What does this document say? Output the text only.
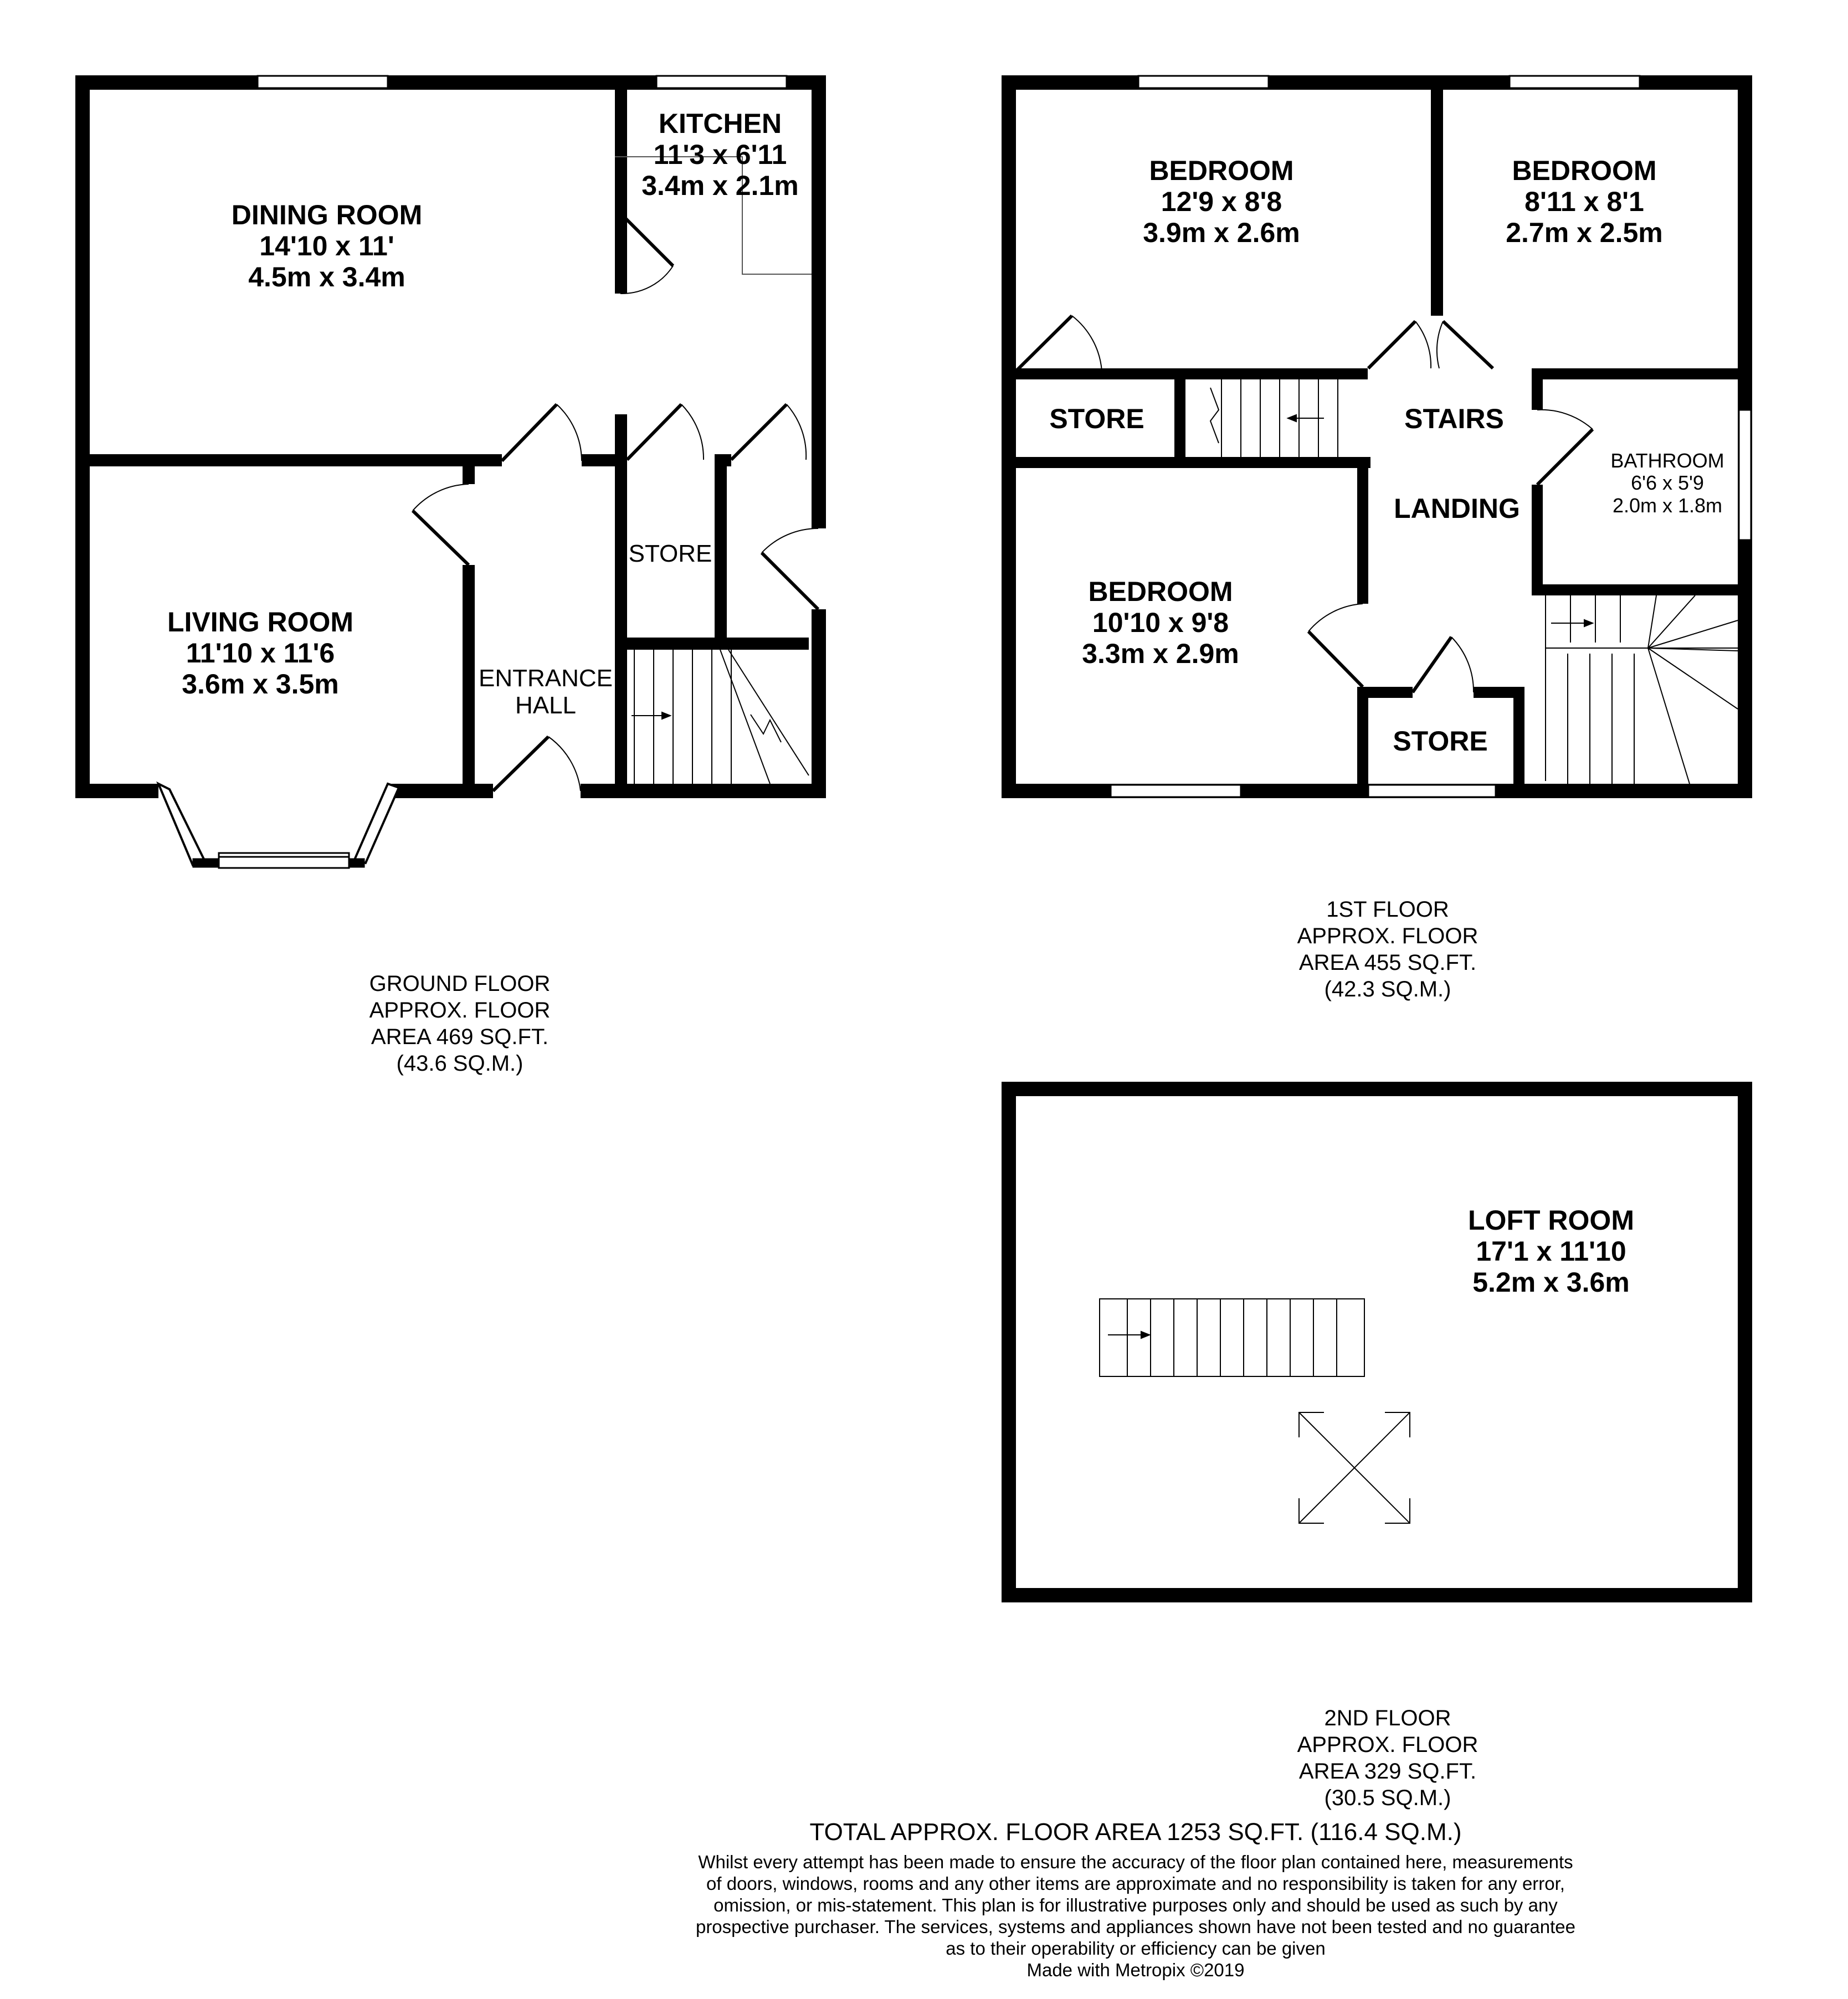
DINING ROOM
14'10 x 11'
4.5m x 3.4m
KITCHEN
11'3 x 6'11
3.4m x 2.1m
LIVING ROOM
11'10 x 11'6
3.6m x 3.5m
STORE
ENTRANCE
HALL
GROUND FLOOR
APPROX. FLOOR
AREA 469 SQ.FT.
(43.6 SQ.M.)
BEDROOM
12'9 x 8'8
3.9m x 2.6m
BEDROOM
8'11 x 8'1
2.7m x 2.5m
BEDROOM
10'10 x 9'8
3.3m x 2.9m
STORE
STORE
STAIRS
LANDING
BATHROOM
6'6 x 5'9
2.0m x 1.8m
1ST FLOOR
APPROX. FLOOR
AREA 455 SQ.FT.
(42.3 SQ.M.)
LOFT ROOM
17'1 x 11'10
5.2m x 3.6m
2ND FLOOR
APPROX. FLOOR
AREA 329 SQ.FT.
(30.5 SQ.M.)
TOTAL APPROX. FLOOR AREA 1253 SQ.FT. (116.4 SQ.M.)
Whilst every attempt has been made to ensure the accuracy of the floor plan contained here, measurements
of doors, windows, rooms and any other items are approximate and no responsibility is taken for any error,
omission, or mis-statement. This plan is for illustrative purposes only and should be used as such by any
prospective purchaser. The services, systems and appliances shown have not been tested and no guarantee
as to their operability or efficiency can be given
Made with Metropix ©2019
